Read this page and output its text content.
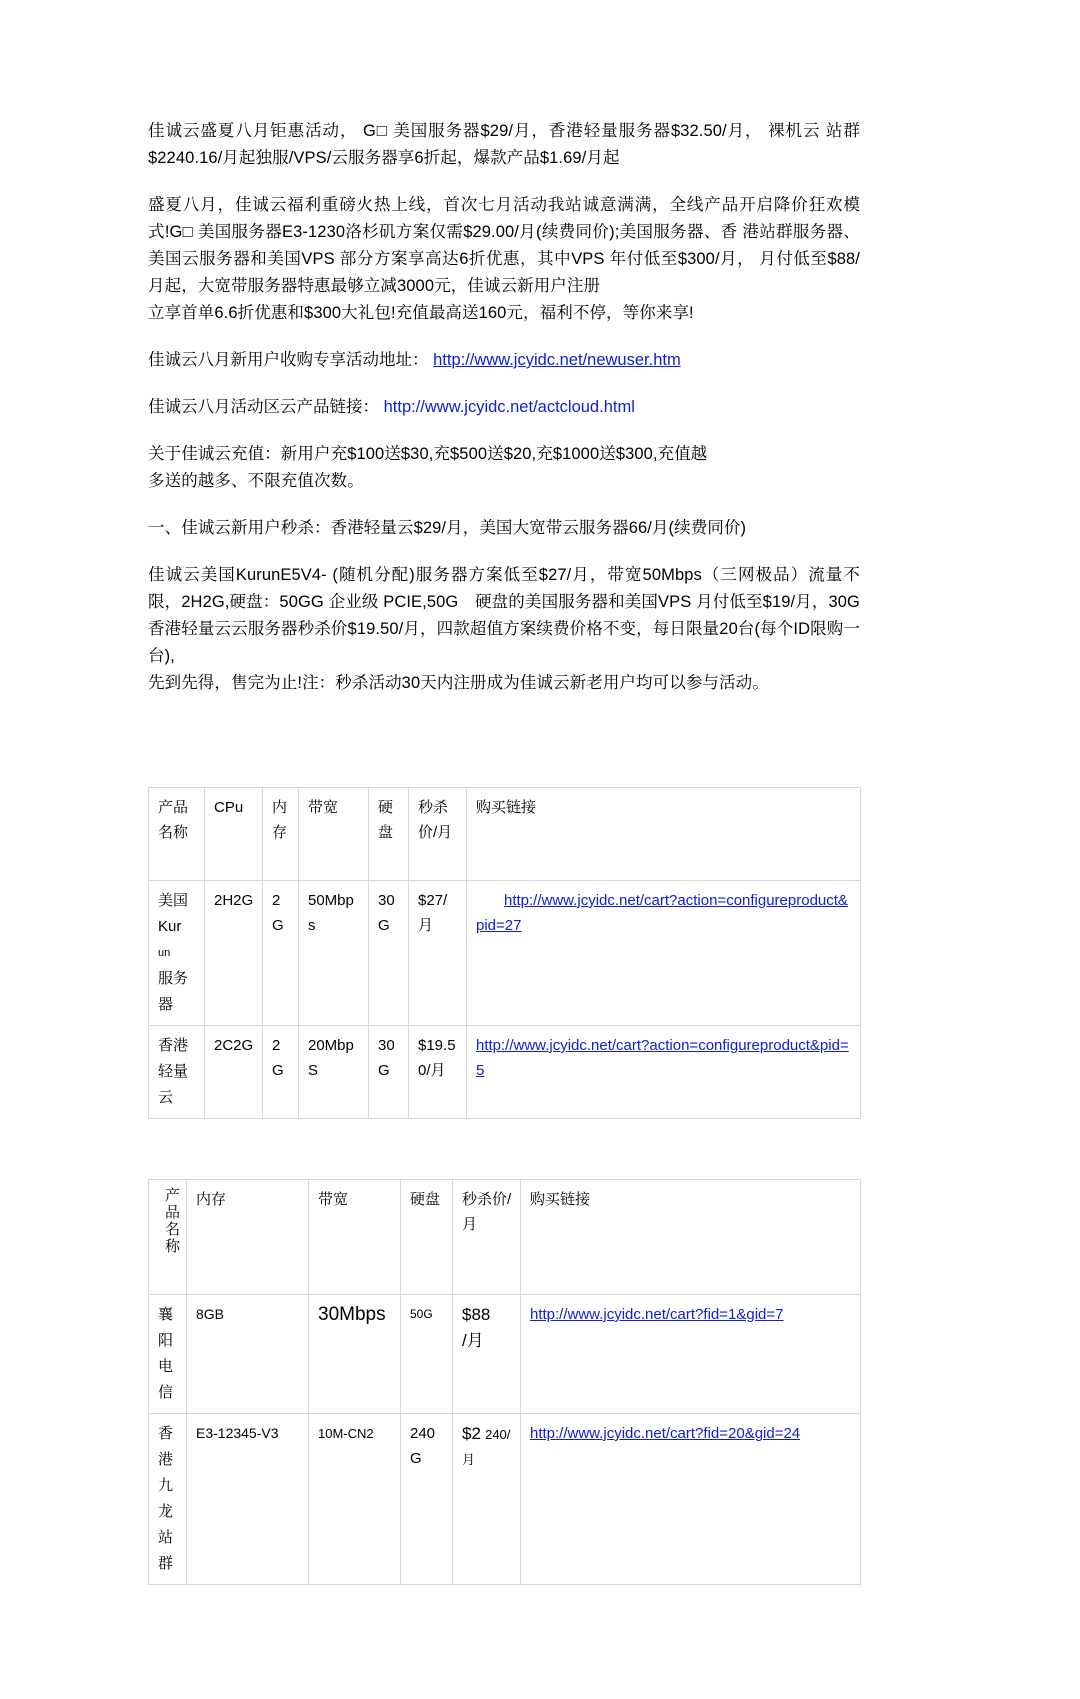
佳诚云盛夏八月钜惠活动， G□ 美国服务器$29/月，香港轻量服务器$32.50/月， 裸机云 站群$2240.16/月起独服/VPS/云服务器享6折起，爆款产品$1.69/月起

盛夏八月，佳诚云福利重磅火热上线，首次七月活动我站诚意满满，全线产品开启降价狂欢模式!G□ 美国服务器E3-1230洛杉矶方案仅需$29.00/月(续费同价);美国服务器、香 港站群服务器、美国云服务器和美国VPS 部分方案享高达6折优惠，其中VPS 年付低至$300/月， 月付低至$88/月起，大宽带服务器特惠最够立减3000元，佳诚云新用户注册

立享首单6.6折优惠和$300大礼包!充值最高送160元，福利不停，等你来享!

佳诚云八月新用户收购专享活动地址： http://www.jcyidc.net/newuser.htm

佳诚云八月活动区云产品链接： http://www.jcyidc.net/actcloud.html

关于佳诚云充值：新用户充$100送$30,充$500送$20,充$1000送$300,充值越

多送的越多、不限充值次数。

一、佳诚云新用户秒杀：香港轻量云$29/月，美国大宽带云服务器66/月(续费同价)

佳诚云美国KurunE5V4- (随机分配)服务器方案低至$27/月，带宽50Mbps（三网极品）流量不限，2H2G,硬盘：50GG 企业级 PCIE,50G　硬盘的美国服务器和美国VPS 月付低至$19/月，30G 香港轻量云云服务器秒杀价$19.50/月，四款超值方案续费价格不变，每日限量20台(每个ID限购一台),

先到先得，售完为止!注：秒杀活动30天内注册成为佳诚云新老用户均可以参与活动。

产品名称	CPu	内存	带宽	硬盘	秒杀价/月	购买链接

美国
Kur
un
服务
器	2H2G	2G	50Mbps	30G	$27/月	http://www.jcyidc.net/cart?action=configureproduct&pid=27

香港
轻量
云	2C2G	2G	20MbpS	30G	$19.50/月	http://www.jcyidc.net/cart?action=configureproduct&pid=5
产品名称	内存	带宽	硬盘	秒杀价/月	购买链接

襄
阳
电
信
	8GB	30Mbps	50G	$88
/月
	http://www.jcyidc.net/cart?fid=1&gid=7

香
港
九
龙
站
群
	E3-12345-V3	10M-CN2	240G	$2 240/月	http://www.jcyidc.net/cart?fid=20&gid=24
